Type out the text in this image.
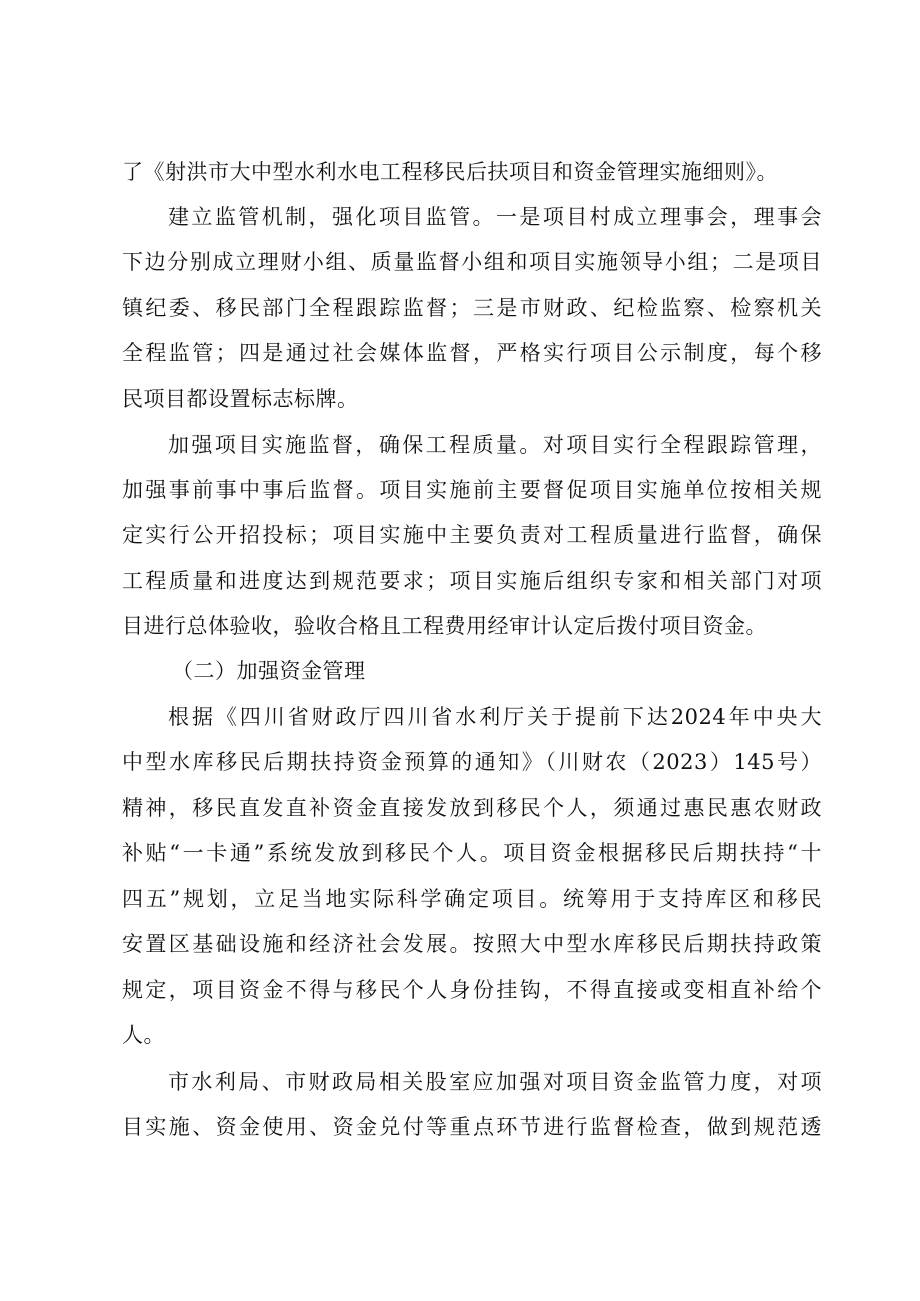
了《射洪市大中型水利水电工程移民后扶项目和资金管理实施细则》。
建立监管机制，强化项目监管。一是项目村成立理事会，理事会
下边分别成立理财小组、质量监督小组和项目实施领导小组；二是项目
镇纪委、移民部门全程跟踪监督；三是市财政、纪检监察、检察机关
全程监管；四是通过社会媒体监督，严格实行项目公示制度，每个移
民项目都设置标志标牌。
加强项目实施监督，确保工程质量。对项目实行全程跟踪管理，
加强事前事中事后监督。项目实施前主要督促项目实施单位按相关规
定实行公开招投标；项目实施中主要负责对工程质量进行监督，确保
工程质量和进度达到规范要求；项目实施后组织专家和相关部门对项
目进行总体验收，验收合格且工程费用经审计认定后拨付项目资金。
（二）加强资金管理
根据《四川省财政厅四川省水利厅关于提前下达2024年中央大
中型水库移民后期扶持资金预算的通知》（川财农（2023）145号）
精神，移民直发直补资金直接发放到移民个人，须通过惠民惠农财政
补贴“一卡通”系统发放到移民个人。项目资金根据移民后期扶持“十
四五”规划，立足当地实际科学确定项目。统筹用于支持库区和移民
安置区基础设施和经济社会发展。按照大中型水库移民后期扶持政策
规定，项目资金不得与移民个人身份挂钩，不得直接或变相直补给个
人。
市水利局、市财政局相关股室应加强对项目资金监管力度，对项
目实施、资金使用、资金兑付等重点环节进行监督检查，做到规范透
